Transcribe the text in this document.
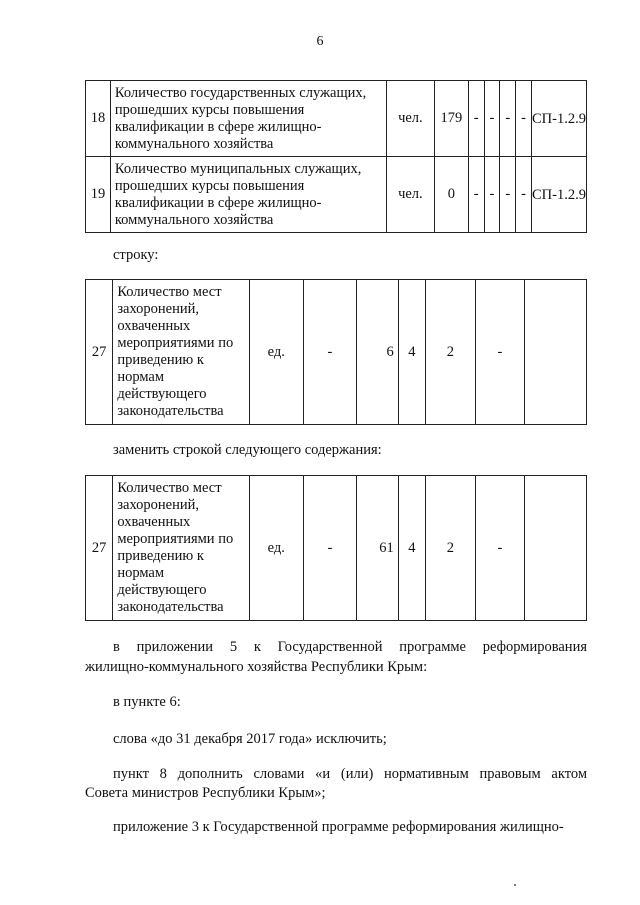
6
18	Количество государственных служащих, прошедших курсы повышения квалификации в сфере жилищно-коммунального хозяйства	чел.	179	-	-	-	-	СП-1.2.9
19	Количество муниципальных служащих, прошедших курсы повышения квалификации в сфере жилищно-коммунального хозяйства	чел.	0	-	-	-	-	СП-1.2.9
строку:
27	Количество мест захоронений, охваченных мероприятиями по приведению к нормам действующего законодательства	ед.	-	6	4	2	-	
заменить строкой следующего содержания:
27	Количество мест захоронений, охваченных мероприятиями по приведению к нормам действующего законодательства	ед.	-	61	4	2	-	
в приложении 5 к Государственной программе реформирования
жилищно-коммунального хозяйства Республики Крым:
в пункте 6:
слова «до 31 декабря 2017 года» исключить;
пункт 8 дополнить словами «и (или) нормативным правовым актом
Совета министров Республики Крым»;
приложение 3 к Государственной программе реформирования жилищно-
